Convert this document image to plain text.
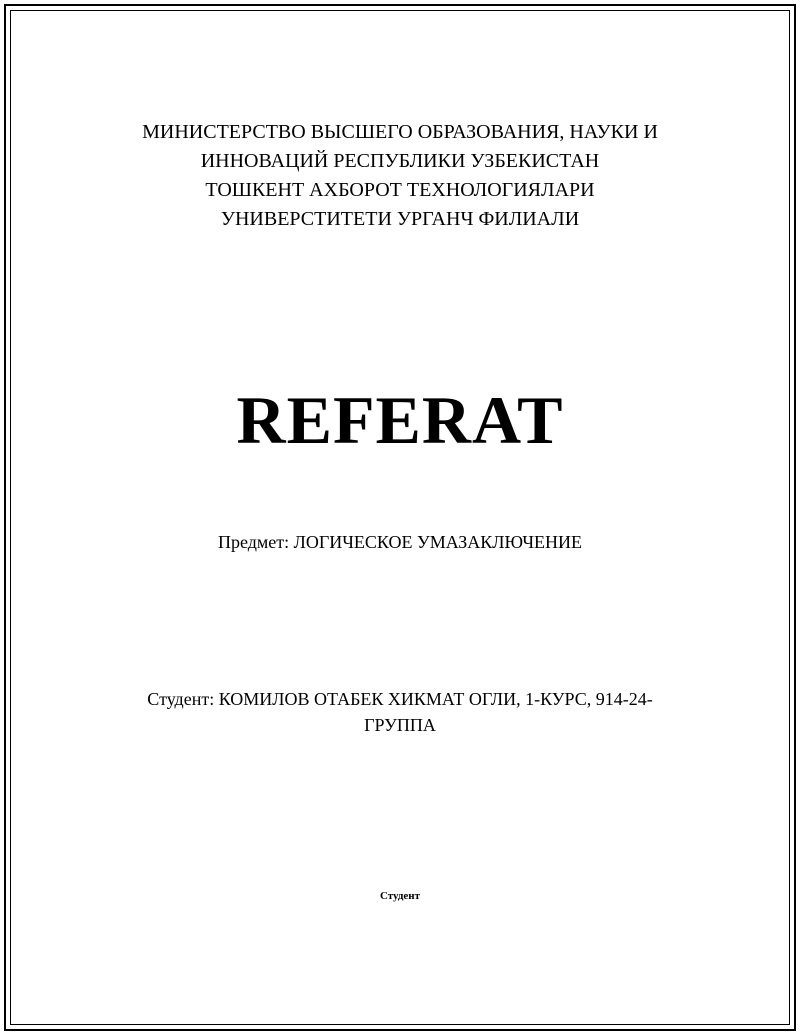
МИНИСТЕРСТВО ВЫСШЕГО ОБРАЗОВАНИЯ, НАУКИ И
ИННОВАЦИЙ РЕСПУБЛИКИ УЗБЕКИСТАН
ТОШКЕНТ АХБОРОТ ТЕХНОЛОГИЯЛАРИ
УНИВЕРСТИТЕТИ УРГАНЧ ФИЛИАЛИ
REFERAT
Предмет: ЛОГИЧЕСКОЕ УМАЗАКЛЮЧЕНИЕ
Студент: КОМИЛОВ ОТАБЕК ХИКМАТ ОГЛИ, 1-КУРС, 914-24-
ГРУППА
Студент
